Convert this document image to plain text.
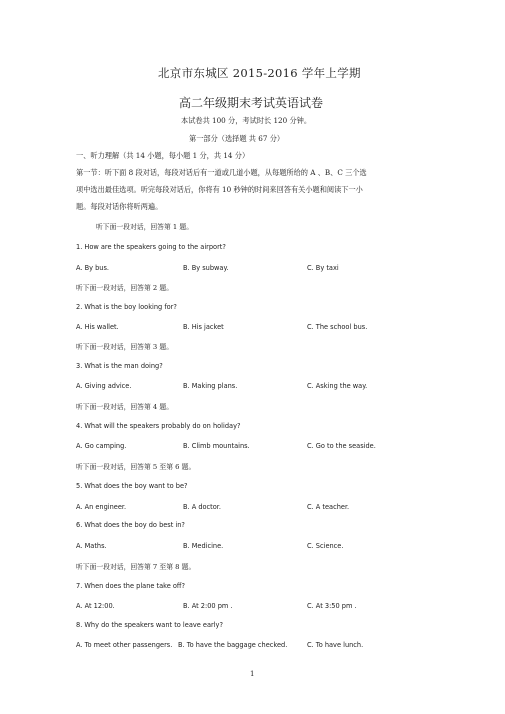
北京市东城区 2015-2016 学年上学期
高二年级期末考试英语试卷
本试卷共 100 分，考试时长 120 分钟。
第一部分（选择题 共 67 分）
一、听力理解（共 14 小题，每小题 1 分，共 14 分）
第一节：听下面 8 段对话，每段对话后有一道或几道小题，从每题所给的 A 、B、C 三个选
项中选出最佳选项。听完每段对话后，你将有 10 秒钟的时间来回答有关小题和阅读下一小
题。每段对话你将听两遍。
听下面一段对话，回答第 1 题。
1. How are the speakers going to the airport?
A. By bus.	B. By subway.	C. By taxi
听下面一段对话，回答第 2 题。
2. What is the boy looking for?
A. His wallet.	B. His jacket	C. The school bus.
听下面一段对话，回答第 3 题。
3. What is the man doing?
A. Giving advice.	B. Making plans.	C. Asking the way.
听下面一段对话，回答第 4 题。
4. What will the speakers probably do on holiday?
A. Go camping.	B. Climb mountains.	C. Go to the seaside.
听下面一段对话，回答第 5 至第 6 题。
5. What does the boy want to be?
A. An engineer.	B. A doctor.	C. A teacher.
6. What does the boy do best in?
A. Maths.	B. Medicine.	C. Science.
听下面一段对话，回答第 7 至第 8 题。
7. When does the plane take off?
A. At 12:00.	B. At 2:00 pm .	C. At 3:50 pm .
8. Why do the speakers want to leave early?
A. To meet other passengers. B. To have the baggage checked.	C. To have lunch.
1
